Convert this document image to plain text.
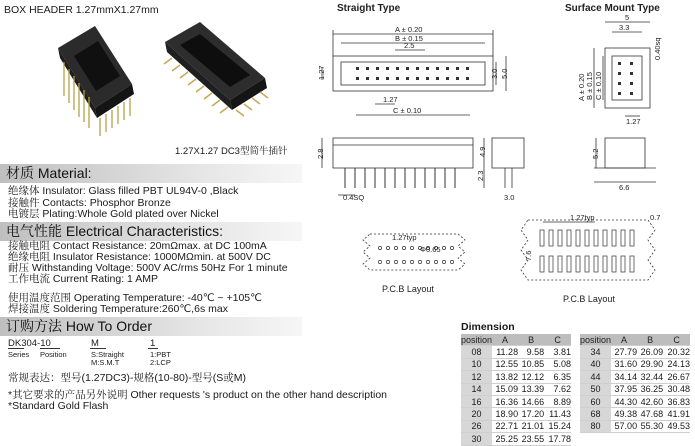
BOX HEADER 1.27mmX1.27mm
1.27X1.27 DC3型简牛插针
材质 Material:
绝缘体 Insulator: Glass filled PBT UL94V-0 ,Black
接触件 Contacts: Phosphor Bronze
电镀层 Plating:Whole Gold plated over Nickel
电气性能 Electrical Characteristics:
接触电阻 Contact Resistance: 20mΩmax. at DC 100mA
绝缘电阻 Insulator Resistance: 1000MΩmin. at 500V DC
耐压 Withstanding Voltage: 500V AC/rms 50Hz For 1 minute
工作电流 Current Rating: 1 AMP
使用温度范围 Operating Temperature: -40℃ ~ +105℃
焊接温度 Soldering Temperature:260℃,6s max
订购方法 How To Order
DK304-10	M	1
Series Position	S:Straight
M:S.M.T
1:PBT
2:LCP
常规表达：型号(1.27DC3)-规格(10-80)-型号(S或M)
*其它要求的产品另外说明 Other requests 's product on the other hand description
*Standard Gold Flash
Straight Type	Surface Mount Type
A ± 0.20
B ± 0.15
2.5
1.27
C ± 0.10
3.0 5.0
1.27
2.8
0.4SQ
4.9
2.3
3.0
5
3.3
0.40sq
A ± 0.20 B ± 0.15 C ± 0.10
1.27
5.2
6.6
1.27typ
Φ0.65
P.C.B Layout
1.27typ	0.7
7.6
P.C.B Layout
Dimension
position	A	B	C
08	11.28	9.58	3.81
10	12.55	10.85	5.08
12	13.82	12.12	6.35
14	15.09	13.39	7.62
16	16.36	14.66	8.89
20	18.90	17.20	11.43
26	22.71	21.01	15.24
30	25.25	23.55	17.78
position	A	B	C
34	27.79	26.09	20.32
40	31.60	29.90	24.13
44	34.14	32.44	26.67
50	37.95	36.25	30.48
60	44.30	42.60	36.83
68	49.38	47.68	41.91
80	57.00	55.30	49.53
